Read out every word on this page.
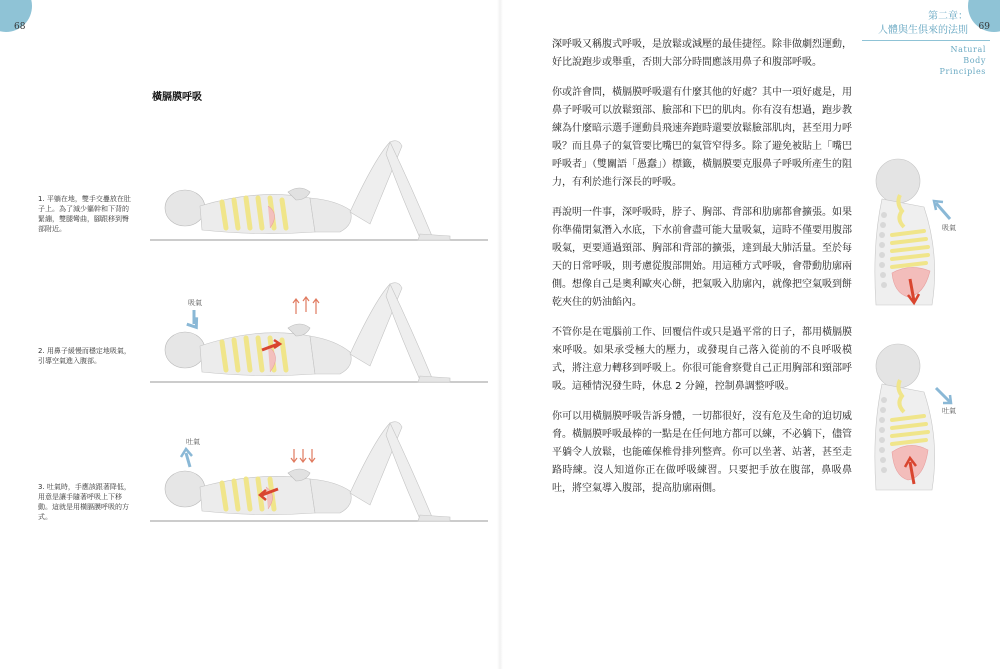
68
橫膈膜呼吸
1. 平躺在地，雙手交疊放在肚子上。為了減少軀幹和下背的緊繃，雙腿彎曲，腳跟移到臀部附近。
2. 用鼻子緩慢而穩定地吸氣，引導空氣進入腹部。
3. 吐氣時，手應該跟著降低，用意是讓手隨著呼吸上下移動。這就是用橫膈膜呼吸的方式。
吸氣
吐氣
69
第二章：
人體與生俱來的法則
Natural
Body
Principles

深呼吸又稱腹式呼吸，是放鬆或減壓的最佳捷徑。除非做劇烈運動，好比說跑步或舉重，否則大部分時間應該用鼻子和腹部呼吸。

你或許會問，橫膈膜呼吸還有什麼其他的好處？其中一項好處是，用鼻子呼吸可以放鬆頸部、臉部和下巴的肌肉。你有沒有想過，跑步教練為什麼暗示選手運動員飛速奔跑時還要放鬆臉部肌肉，甚至用力呼吸？而且鼻子的氣管要比嘴巴的氣管窄得多。除了避免被貼上「嘴巴呼吸者」（雙關語「愚蠢」）標籤，橫膈膜要克服鼻子呼吸所產生的阻力，有利於進行深長的呼吸。

再說明一件事，深呼吸時，脖子、胸部、背部和肋廓都會擴張。如果你準備閉氣潛入水底，下水前會盡可能大量吸氣，這時不僅要用腹部吸氣，更要通過頸部、胸部和背部的擴張，達到最大肺活量。至於每天的日常呼吸，則考慮從腹部開始。用這種方式呼吸，會帶動肋廓兩側。想像自己是奧利歐夾心餅，把氣吸入肋廓內，就像把空氣吸到餅乾夾住的奶油餡內。

不管你是在電腦前工作、回覆信件或只是過平常的日子，都用橫膈膜來呼吸。如果承受極大的壓力，或發現自己落入從前的不良呼吸模式，將注意力轉移到呼吸上。你很可能會察覺自己正用胸部和頸部呼吸。這種情況發生時，休息 2 分鐘，控制鼻調整呼吸。

你可以用橫膈膜呼吸告訴身體，一切都很好，沒有危及生命的迫切威脅。橫膈膜呼吸最棒的一點是在任何地方都可以練，不必躺下，儘管平躺令人放鬆，也能確保椎骨排列整齊。你可以坐著、站著，甚至走路時練。沒人知道你正在做呼吸練習。只要把手放在腹部，鼻吸鼻吐，將空氣導入腹部，提高肋廓兩側。

吸氣
吐氣
